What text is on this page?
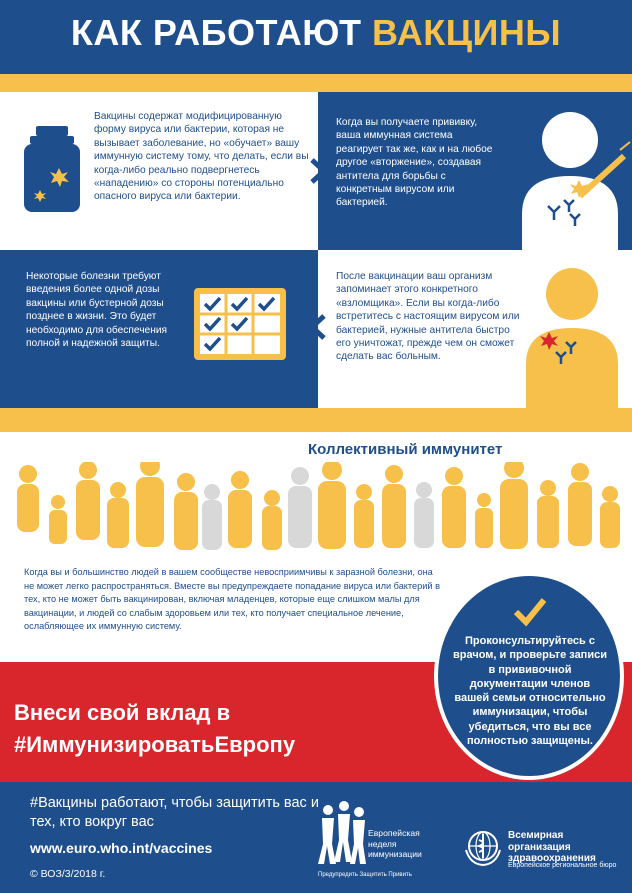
КАК РАБОТАЮТ ВАКЦИНЫ
Вакцины содержат модифицированную форму вируса или бактерии, которая не вызывает заболевание, но «обучает» вашу иммунную систему тому, что делать, если вы когда-либо реально подвергнетесь «нападению» со стороны потенциально опасного вируса или бактерии.
Когда вы получаете прививку, ваша иммунная система реагирует так же, как и на любое другое «вторжение», создавая антитела для борьбы с конкретным вирусом или бактерией.
Некоторые болезни требуют введения более одной дозы вакцины или бустерной дозы позднее в жизни. Это будет необходимо для обеспечения полной и надежной защиты.
После вакцинации ваш организм запоминает этого конкретного «взломщика». Если вы когда-либо встретитесь с настоящим вирусом или бактерией, нужные антитела быстро его уничтожат, прежде чем он сможет сделать вас больным.
Коллективный иммунитет
Когда вы и большинство людей в вашем сообществе невосприимчивы к заразной болезни, она не может легко распространяться. Вместе вы предупреждаете попадание вируса или бактерий в тех, кто не может быть вакцинирован, включая младенцев, которые еще слишком малы для вакцинации, и людей со слабым здоровьем или тех, кто получает специальное лечение, ослабляющее их иммунную систему.
Внеси свой вклад в
#ИммунизироватьЕвропу
Проконсультируйтесь с врачом, и проверьте записи в прививочной документации членов вашей семьи относительно иммунизации, чтобы убедиться, что вы все полностью защищены.
#Вакцины работают, чтобы защитить вас и тех, кто вокруг вас
www.euro.who.int/vaccines
© ВОЗ/3/2018 г.
Европейская неделя иммунизации
Предупредить Защитить Привить
Всемирная организация здравоохранения
Европейское региональное бюро
